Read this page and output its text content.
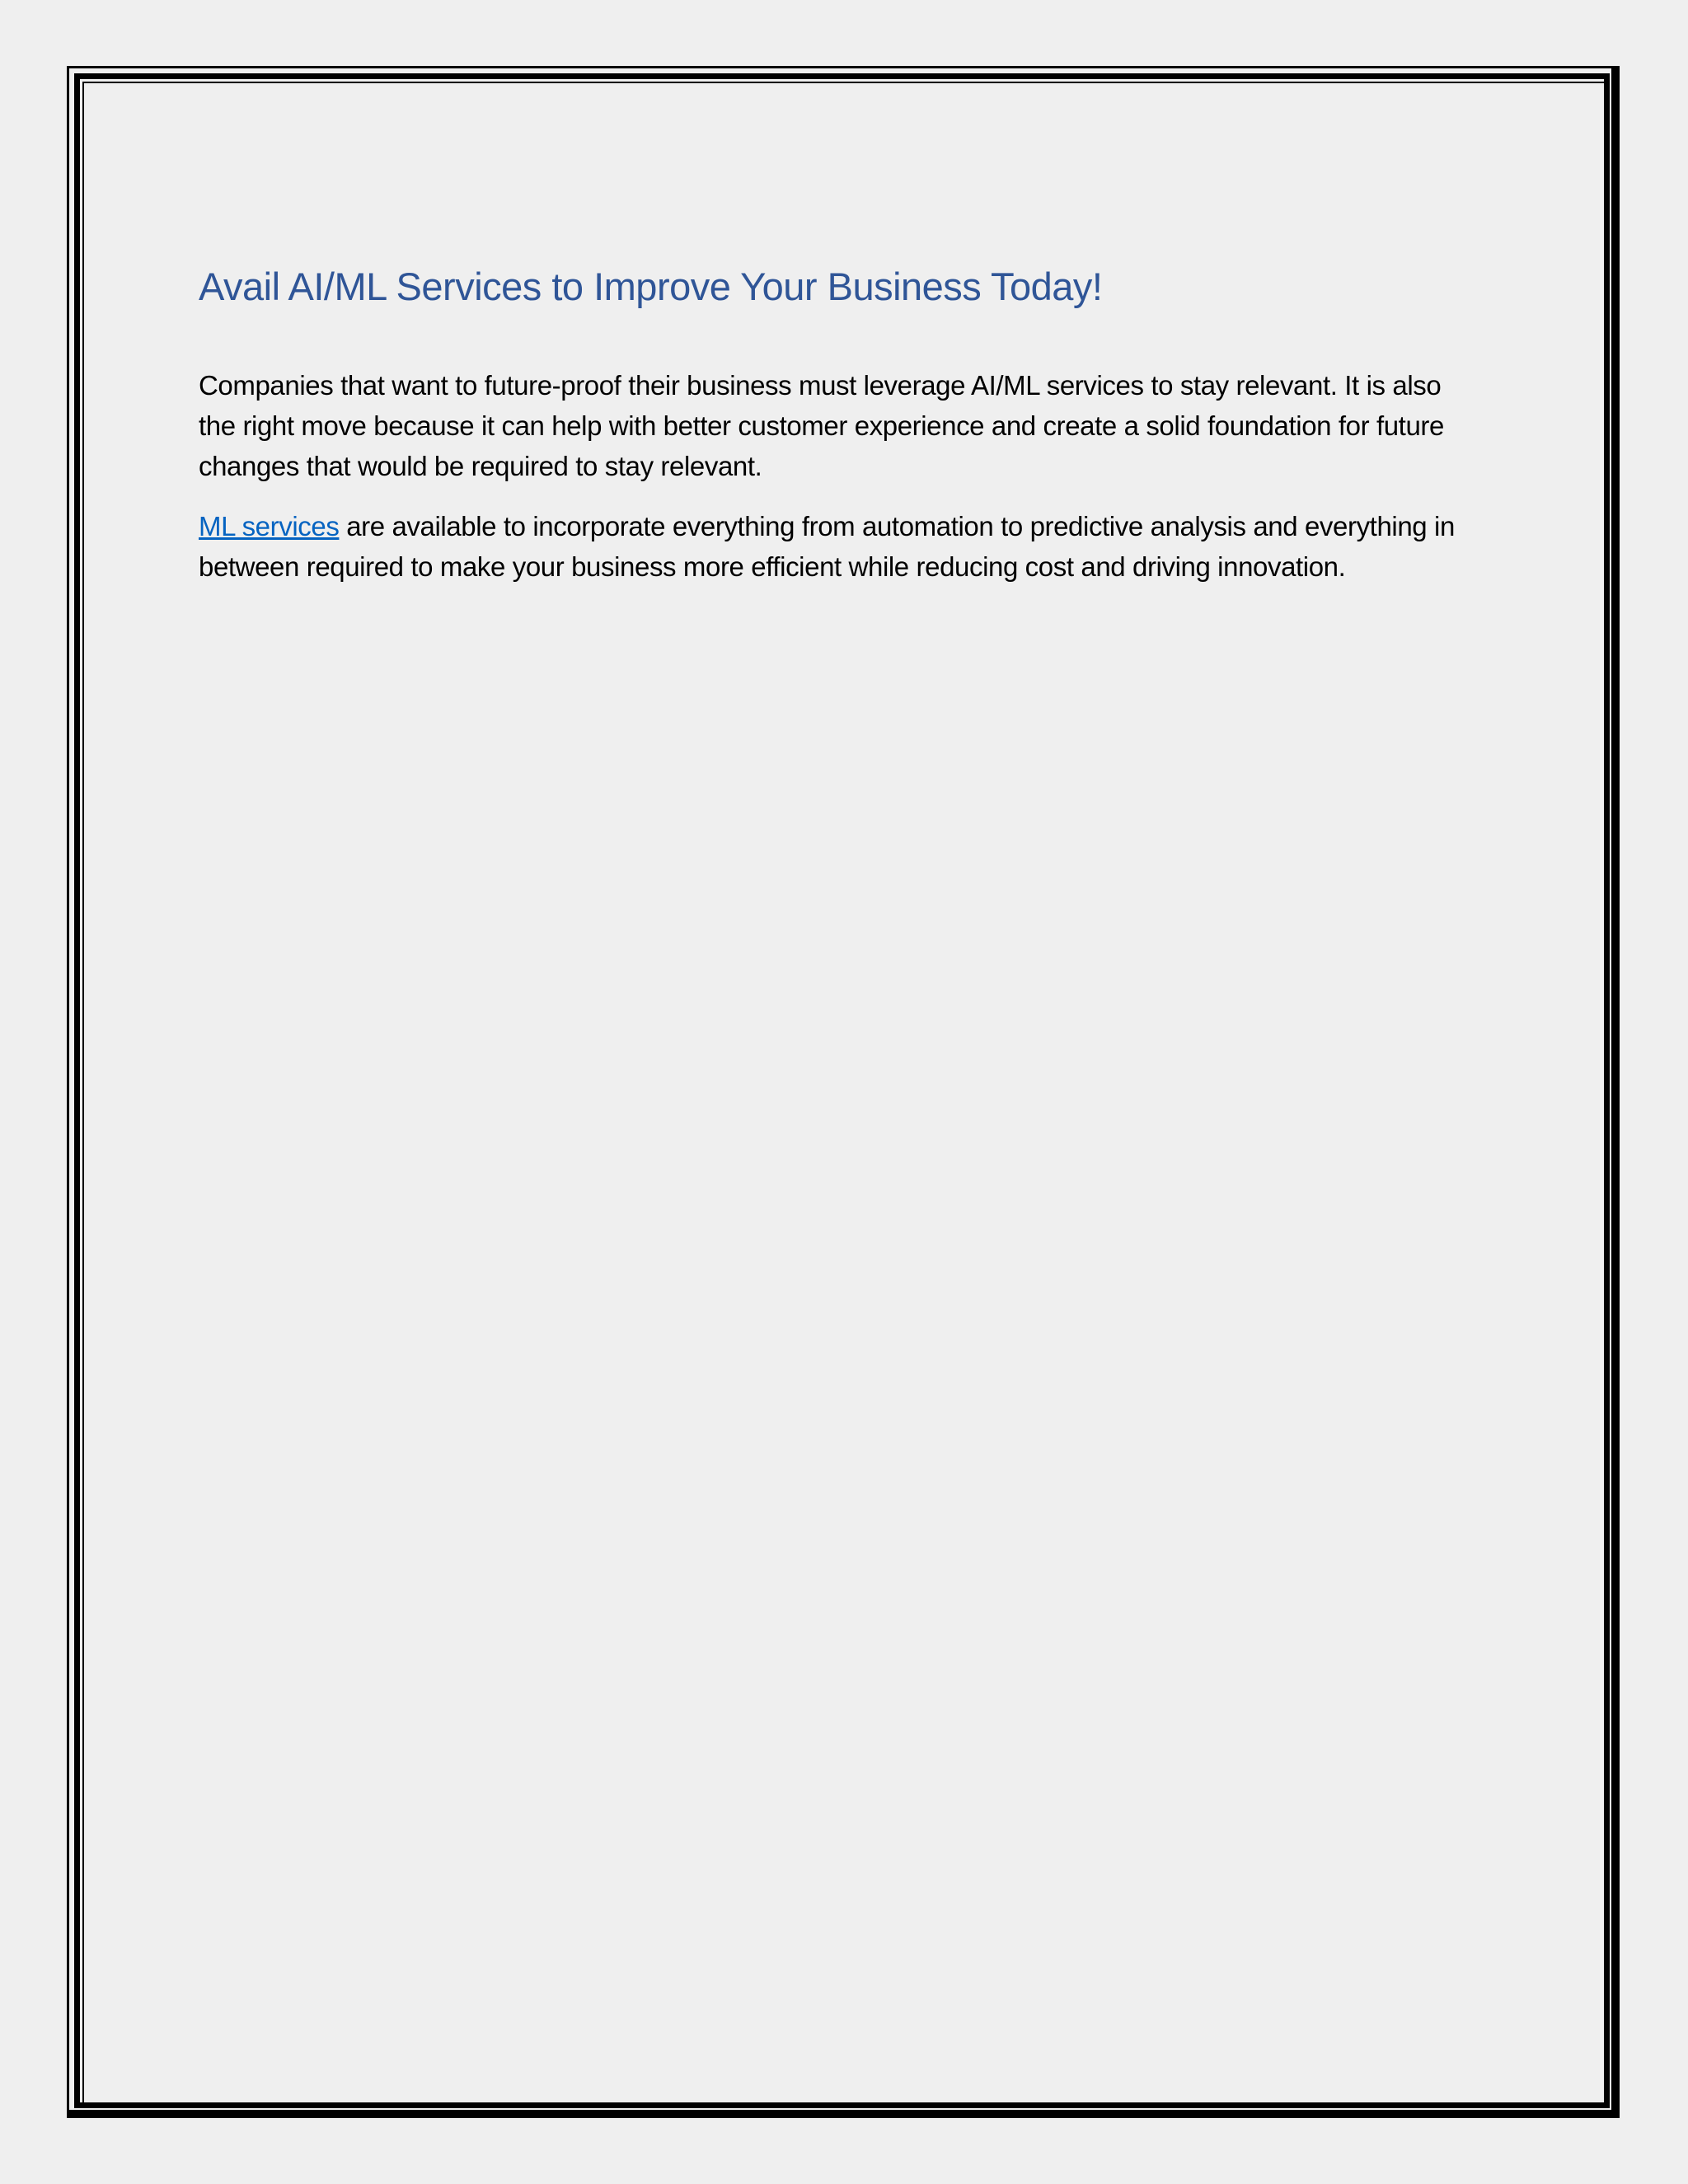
Avail AI/ML Services to Improve Your Business Today!

Companies that want to future-proof their business must leverage AI/ML services to stay relevant. It is also the right move because it can help with better customer experience and create a solid foundation for future changes that would be required to stay relevant.

ML services are available to incorporate everything from automation to predictive analysis and everything in between required to make your business more efficient while reducing cost and driving innovation.
